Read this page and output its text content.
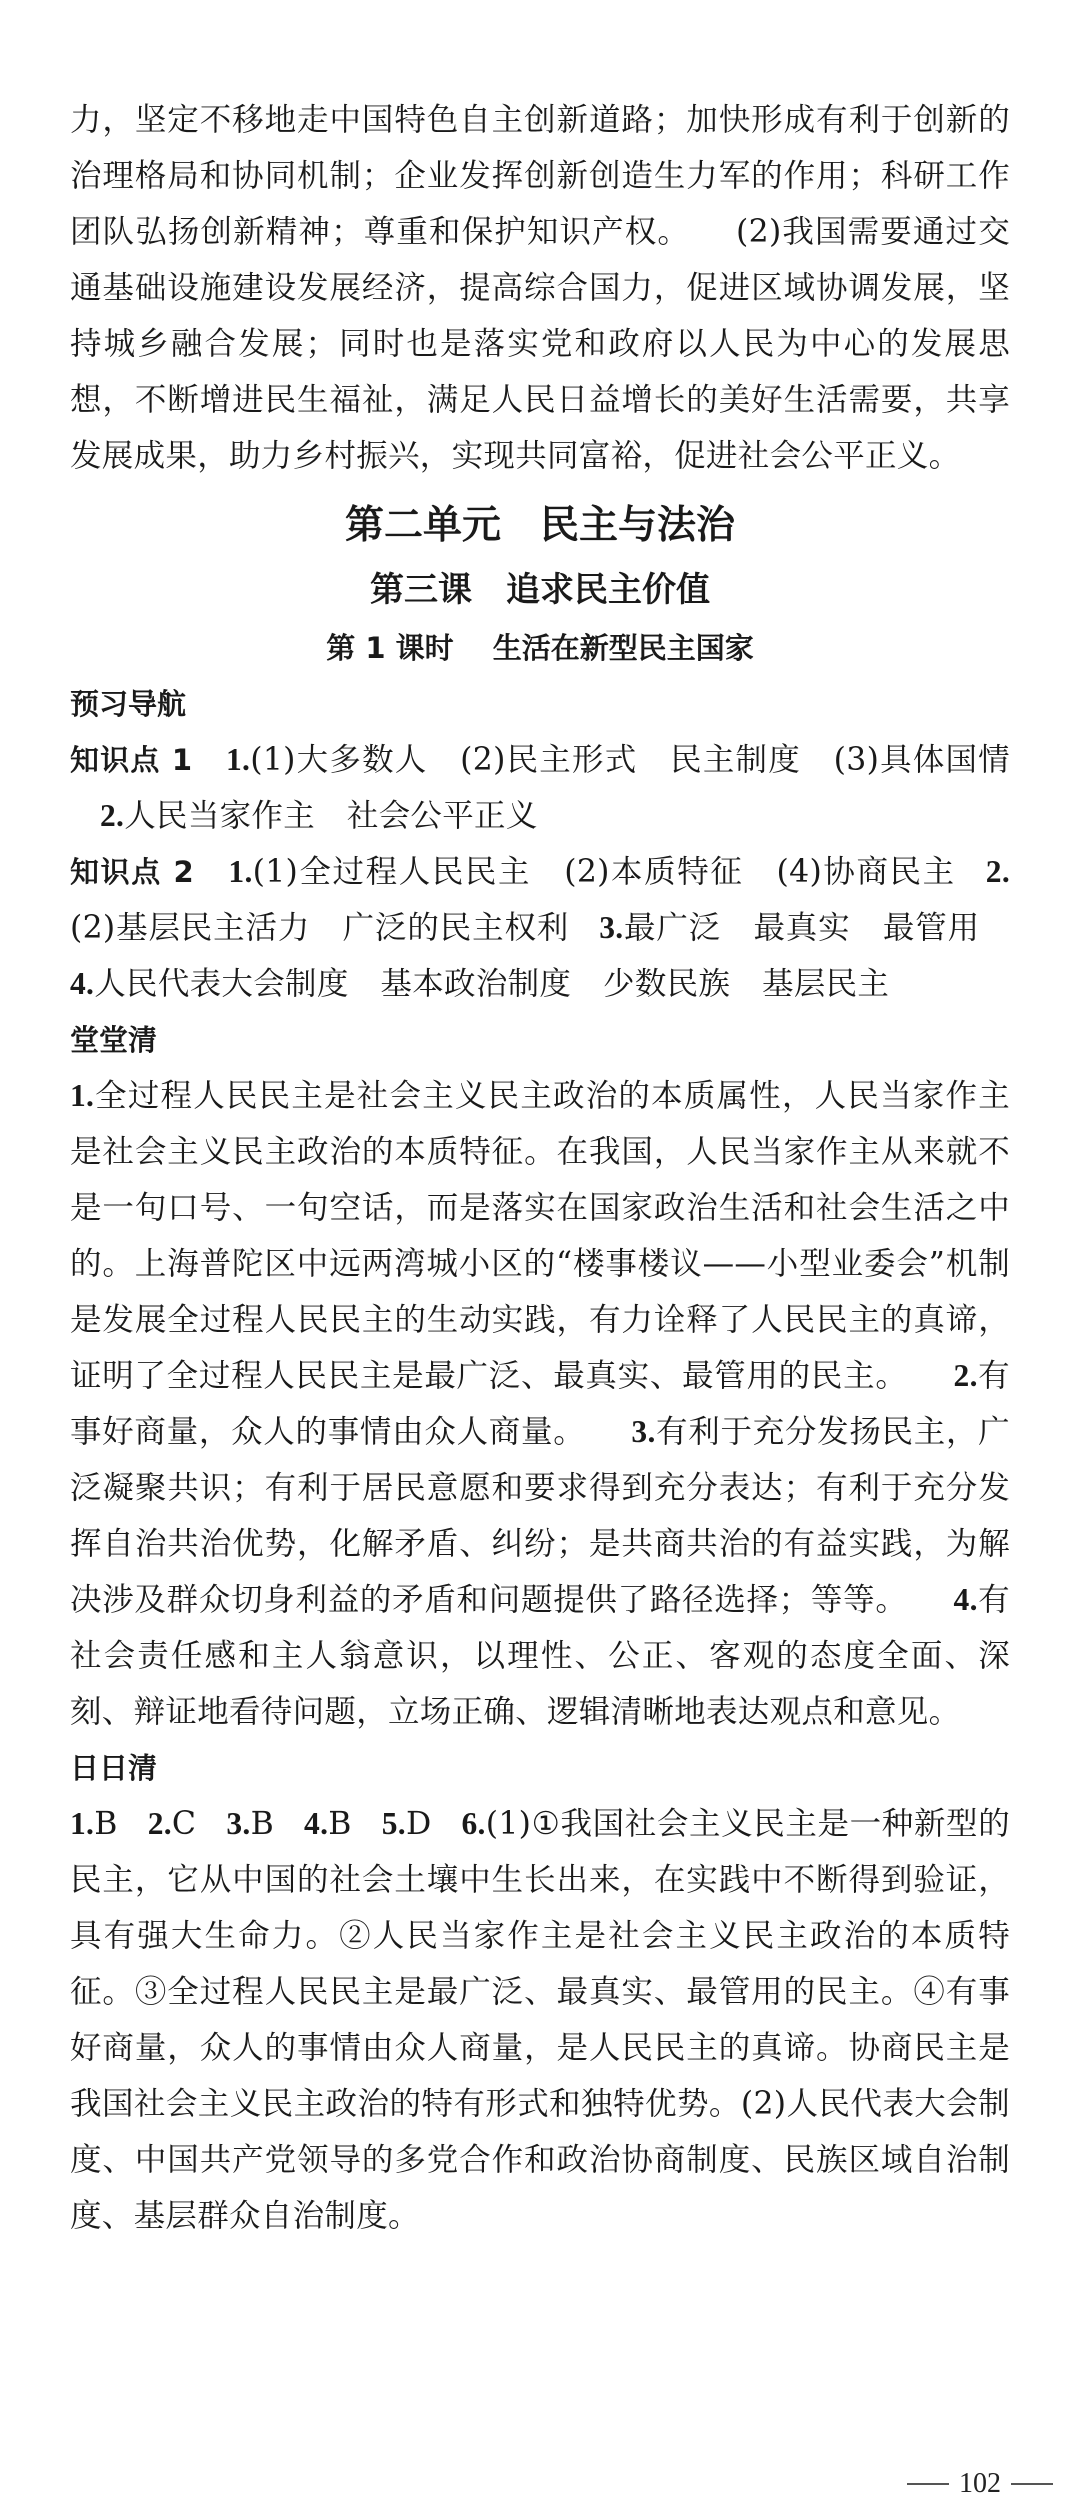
力，坚定不移地走中国特色自主创新道路；加快形成有利于创新的治理格局和协同机制；企业发挥创新创造生力军的作用；科研工作团队弘扬创新精神；尊重和保护知识产权。 (2)我国需要通过交通基础设施建设发展经济，提高综合国力，促进区域协调发展，坚持城乡融合发展；同时也是落实党和政府以人民为中心的发展思想，不断增进民生福祉，满足人民日益增长的美好生活需要，共享发展成果，助力乡村振兴，实现共同富裕，促进社会公平正义。

第二单元　民主与法治
第三课　追求民主价值
第 1 课时　 生活在新型民主国家
预习导航

知识点 1　 1.(1)大多数人　(2)民主形式　民主制度　(3)具体国情2.人民当家作主　社会公平正义

知识点 2　 1.(1)全过程人民民主　(2)本质特征　(4)协商民主 2.(2)基层民主活力　广泛的民主权利 3.最广泛　最真实　最管用4.人民代表大会制度　基本政治制度　少数民族　基层民主

堂堂清

1.全过程人民民主是社会主义民主政治的本质属性，人民当家作主是社会主义民主政治的本质特征。在我国，人民当家作主从来就不是一句口号、一句空话，而是落实在国家政治生活和社会生活之中的。上海普陀区中远两湾城小区的“楼事楼议——小型业委会”机制是发展全过程人民民主的生动实践，有力诠释了人民民主的真谛，证明了全过程人民民主是最广泛、最真实、最管用的民主。 2.有事好商量，众人的事情由众人商量。 3.有利于充分发扬民主，广泛凝聚共识；有利于居民意愿和要求得到充分表达；有利于充分发挥自治共治优势，化解矛盾、纠纷；是共商共治的有益实践，为解决涉及群众切身利益的矛盾和问题提供了路径选择；等等。 4.有社会责任感和主人翁意识，以理性、公正、客观的态度全面、深刻、辩证地看待问题，立场正确、逻辑清晰地表达观点和意见。

日日清

1.B 2.C 3.B 4.B 5.D 6.(1)①我国社会主义民主是一种新型的民主，它从中国的社会土壤中生长出来，在实践中不断得到验证，具有强大生命力。②人民当家作主是社会主义民主政治的本质特征。③全过程人民民主是最广泛、最真实、最管用的民主。④有事好商量，众人的事情由众人商量，是人民民主的真谛。协商民主是我国社会主义民主政治的特有形式和独特优势。(2)人民代表大会制度、中国共产党领导的多党合作和政治协商制度、民族区域自治制度、基层群众自治制度。

102
